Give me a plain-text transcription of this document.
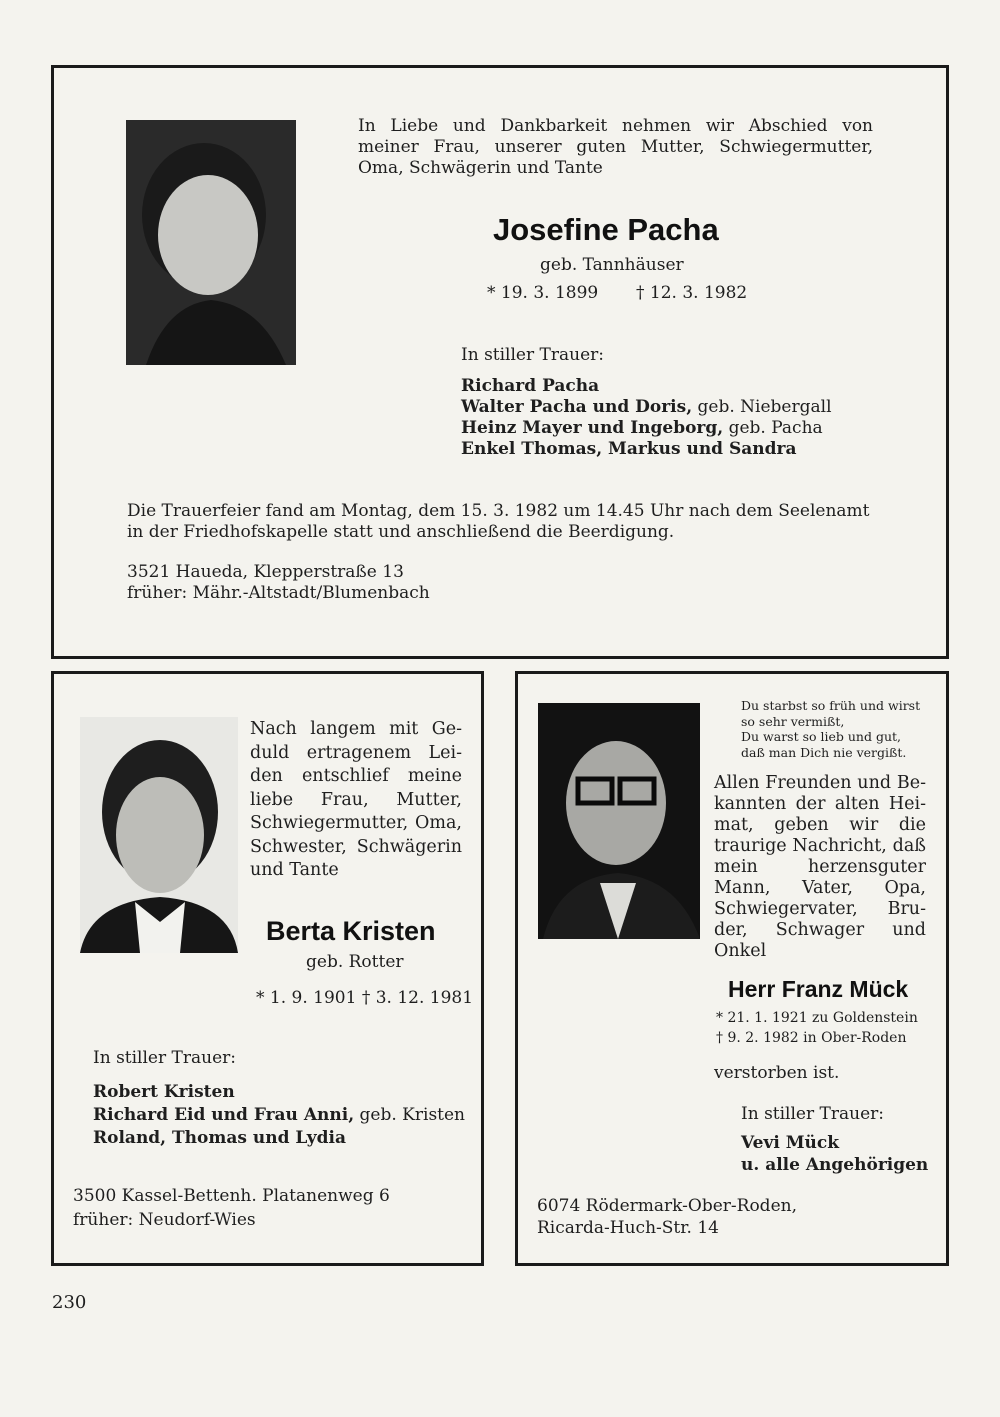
In Liebe und Dankbarkeit nehmen wir Abschied von
meiner Frau, unserer guten Mutter, Schwiegermutter,
Oma, Schwägerin und Tante
Josefine Pacha
geb. Tannhäuser
* 19. 3. 1899 † 12. 3. 1982
In stiller Trauer:
Richard Pacha
Walter Pacha und Doris, geb. Niebergall
Heinz Mayer und Ingeborg, geb. Pacha
Enkel Thomas, Markus und Sandra
Die Trauerfeier fand am Montag, dem 15. 3. 1982 um 14.45 Uhr nach dem Seelenamt
in der Friedhofskapelle statt und anschließend die Beerdigung.
3521 Haueda, Klepperstraße 13
früher: Mähr.-Altstadt/Blumenbach
Nach langem mit Ge-
duld ertragenem Lei-
den entschlief meine
liebe Frau, Mutter,
Schwiegermutter, Oma,
Schwester, Schwägerin
und Tante
Berta Kristen
geb. Rotter
* 1. 9. 1901 † 3. 12. 1981
In stiller Trauer:
Robert Kristen
Richard Eid und Frau Anni, geb. Kristen
Roland, Thomas und Lydia
3500 Kassel-Bettenh. Platanenweg 6
früher: Neudorf-Wies
Du starbst so früh und wirst
so sehr vermißt,
Du warst so lieb und gut,
daß man Dich nie vergißt.
Allen Freunden und Be-
kannten der alten Hei-
mat, geben wir die
traurige Nachricht, daß
mein herzensguter
Mann, Vater, Opa,
Schwiegervater, Bru-
der, Schwager und
Onkel
Herr Franz Mück
* 21. 1. 1921 zu Goldenstein
† 9. 2. 1982 in Ober-Roden
verstorben ist.
In stiller Trauer:
Vevi Mück
u. alle Angehörigen
6074 Rödermark-Ober-Roden,
Ricarda-Huch-Str. 14
230
